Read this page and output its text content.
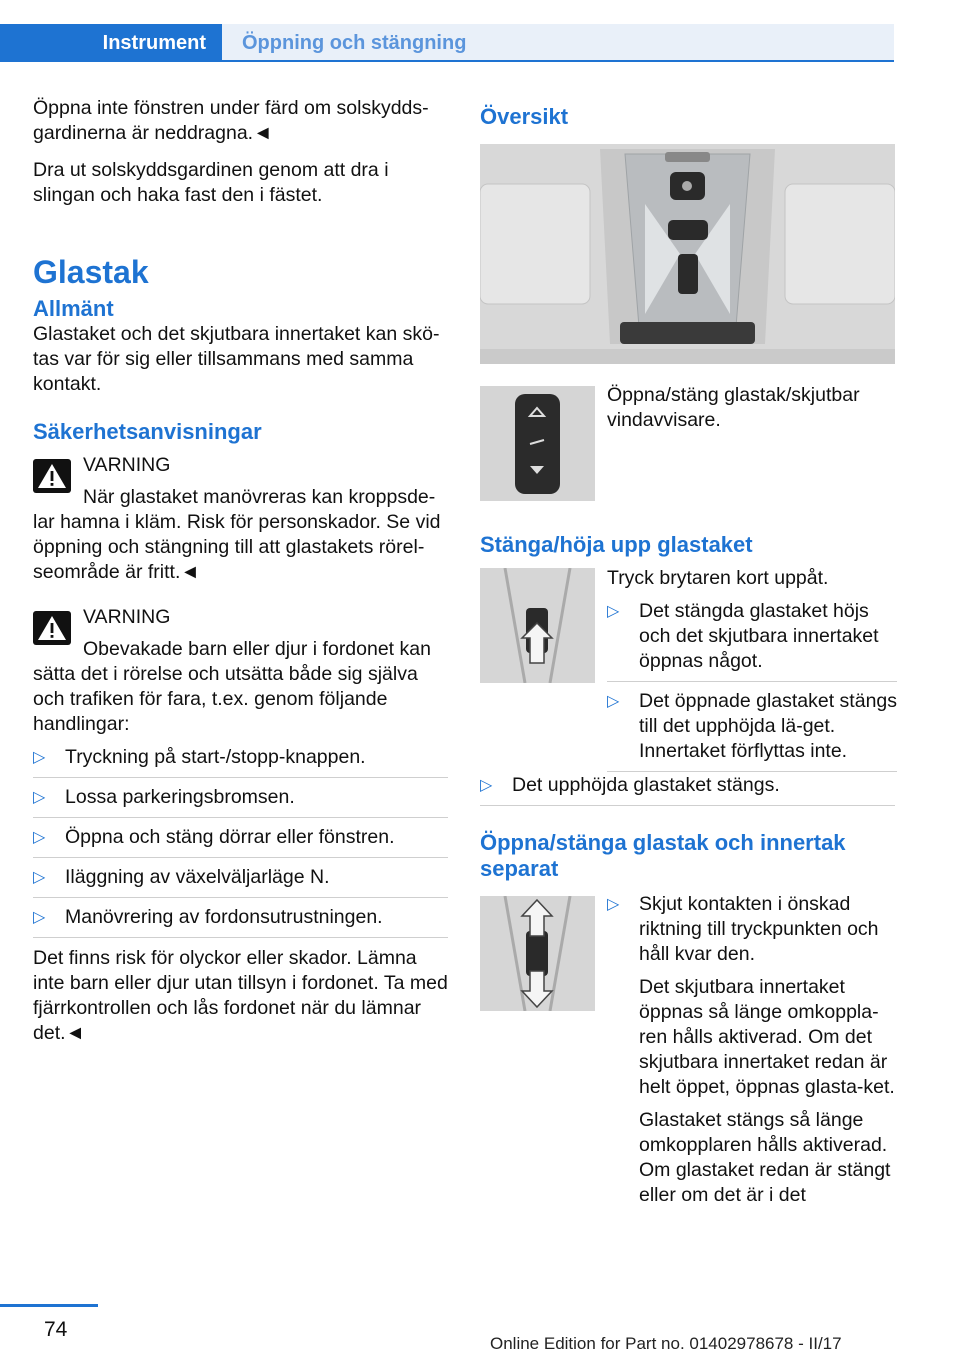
Instrument	Öppning och stängning

Öppna inte fönstren under färd om solskydds-gardinerna är neddragna.◄

Dra ut solskyddsgardinen genom att dra i slingan och haka fast den i fästet.

Glastak
Allmänt

Glastaket och det skjutbara innertaket kan skö-tas var för sig eller tillsammans med samma kontakt.

Säkerhetsanvisningar
VARNING

När glastaket manövreras kan kroppsde-lar hamna i kläm. Risk för personskador. Se vid öppning och stängning till att glastakets rörel-seområde är fritt.◄

VARNING

Obevakade barn eller djur i fordonet kan sätta det i rörelse och utsätta både sig själva och trafiken för fara, t.ex. genom följande handlingar:

▷ Tryckning på start-/stopp-knappen.
▷ Lossa parkeringsbromsen.
▷ Öppna och stäng dörrar eller fönstren.
▷ Iläggning av växelväljarläge N.
▷ Manövrering av fordonsutrustningen.

Det finns risk för olyckor eller skador. Lämna inte barn eller djur utan tillsyn i fordonet. Ta med fjärrkontrollen och lås fordonet när du lämnar det.◄

Översikt

Öppna/stäng glastak/skjutbar vindavvisare.

Stänga/höja upp glastaket

Tryck brytaren kort uppåt.

▷ Det stängda glastaket höjs och det skjutbara innertaket öppnas något.
▷ Det öppnade glastaket stängs till det upphöjda lä-get. Innertaket förflyttas inte.
▷ Det upphöjda glastaket stängs.
Öppna/stänga glastak och innertak separat
▷ Skjut kontakten i önskad riktning till tryckpunkten och håll kvar den.

Det skjutbara innertaket öppnas så länge omkoppla-ren hålls aktiverad. Om det skjutbara innertaket redan är helt öppet, öppnas glasta-ket.

Glastaket stängs så länge omkopplaren hålls aktiverad. Om glastaket redan är stängt eller om det är i det

74
Online Edition for Part no. 01402978678 - II/17
